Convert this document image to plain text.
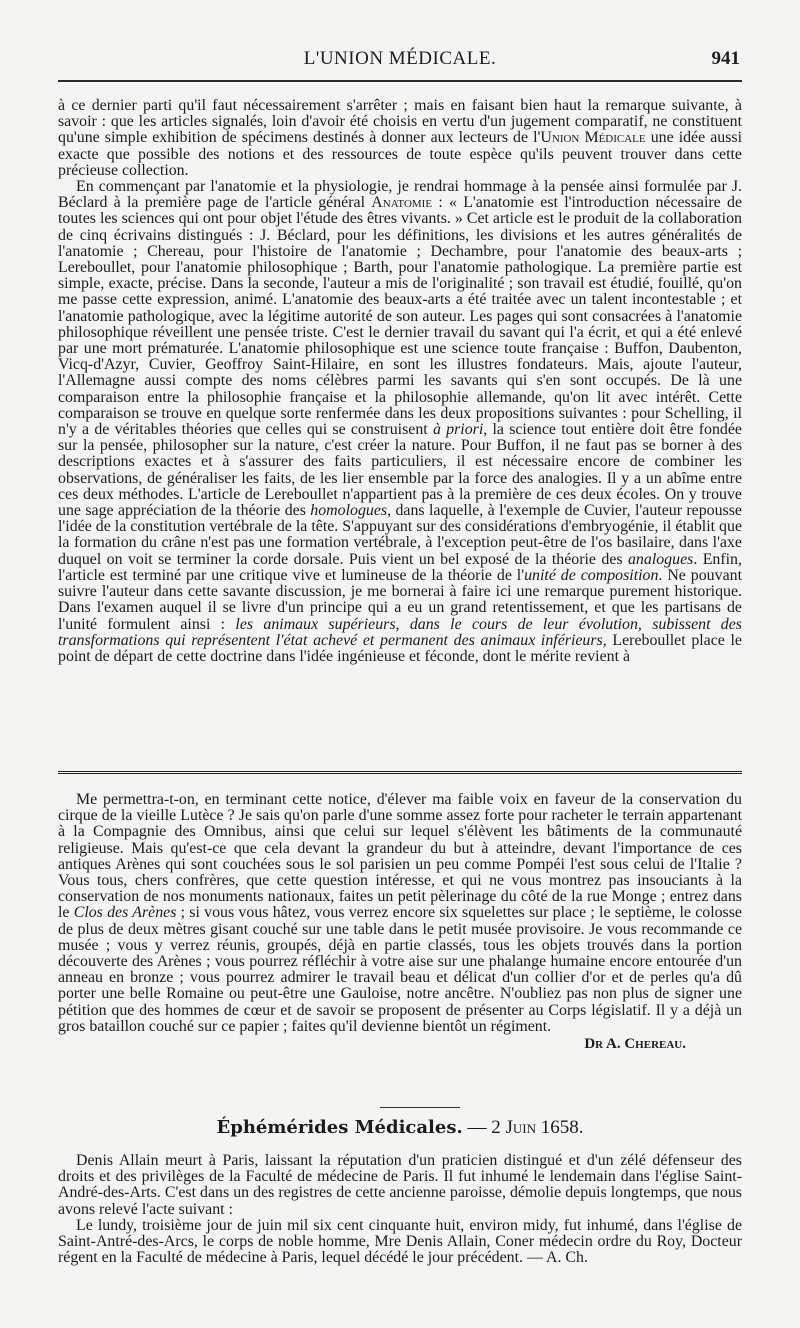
L'UNION MÉDICALE.	941

à ce dernier parti qu'il faut nécessairement s'arrêter ; mais en faisant bien haut la remarque suivante, à savoir : que les articles signalés, loin d'avoir été choisis en vertu d'un jugement comparatif, ne constituent qu'une simple exhibition de spécimens destinés à donner aux lecteurs de l'Union Médicale une idée aussi exacte que possible des notions et des ressources de toute espèce qu'ils peuvent trouver dans cette précieuse collection.

En commençant par l'anatomie et la physiologie, je rendrai hommage à la pensée ainsi formulée par J. Béclard à la première page de l'article général Anatomie : « L'anatomie est l'introduction nécessaire de toutes les sciences qui ont pour objet l'étude des êtres vivants. » Cet article est le produit de la collaboration de cinq écrivains distingués : J. Béclard, pour les définitions, les divisions et les autres généralités de l'anatomie ; Chereau, pour l'histoire de l'anatomie ; Dechambre, pour l'anatomie des beaux-arts ; Lereboullet, pour l'anatomie philosophique ; Barth, pour l'anatomie pathologique. La première partie est simple, exacte, précise. Dans la seconde, l'auteur a mis de l'originalité ; son travail est étudié, fouillé, qu'on me passe cette expression, animé. L'anatomie des beaux-arts a été traitée avec un talent incontestable ; et l'anatomie pathologique, avec la légitime autorité de son auteur. Les pages qui sont consacrées à l'anatomie philosophique réveillent une pensée triste. C'est le dernier travail du savant qui l'a écrit, et qui a été enlevé par une mort prématurée. L'anatomie philosophique est une science toute française : Buffon, Daubenton, Vicq-d'Azyr, Cuvier, Geoffroy Saint-Hilaire, en sont les illustres fondateurs. Mais, ajoute l'auteur, l'Allemagne aussi compte des noms célèbres parmi les savants qui s'en sont occupés. De là une comparaison entre la philosophie française et la philosophie allemande, qu'on lit avec intérêt. Cette comparaison se trouve en quelque sorte renfermée dans les deux propositions suivantes : pour Schelling, il n'y a de véritables théories que celles qui se construisent à priori, la science tout entière doit être fondée sur la pensée, philosopher sur la nature, c'est créer la nature. Pour Buffon, il ne faut pas se borner à des descriptions exactes et à s'assurer des faits particuliers, il est nécessaire encore de combiner les observations, de généraliser les faits, de les lier ensemble par la force des analogies. Il y a un abîme entre ces deux méthodes. L'article de Lereboullet n'appartient pas à la première de ces deux écoles. On y trouve une sage appréciation de la théorie des homologues, dans laquelle, à l'exemple de Cuvier, l'auteur repousse l'idée de la constitution vertébrale de la tête. S'appuyant sur des considérations d'embryogénie, il établit que la formation du crâne n'est pas une formation vertébrale, à l'exception peut-être de l'os basilaire, dans l'axe duquel on voit se terminer la corde dorsale. Puis vient un bel exposé de la théorie des analogues. Enfin, l'article est terminé par une critique vive et lumineuse de la théorie de l'unité de composition. Ne pouvant suivre l'auteur dans cette savante discussion, je me bornerai à faire ici une remarque purement historique. Dans l'examen auquel il se livre d'un principe qui a eu un grand retentissement, et que les partisans de l'unité formulent ainsi : les animaux supérieurs, dans le cours de leur évolution, subissent des transformations qui représentent l'état achevé et permanent des animaux inférieurs, Lereboullet place le point de départ de cette doctrine dans l'idée ingénieuse et féconde, dont le mérite revient à

Me permettra-t-on, en terminant cette notice, d'élever ma faible voix en faveur de la conservation du cirque de la vieille Lutèce ? Je sais qu'on parle d'une somme assez forte pour racheter le terrain appartenant à la Compagnie des Omnibus, ainsi que celui sur lequel s'élèvent les bâtiments de la communauté religieuse. Mais qu'est-ce que cela devant la grandeur du but à atteindre, devant l'importance de ces antiques Arènes qui sont couchées sous le sol parisien un peu comme Pompéi l'est sous celui de l'Italie ? Vous tous, chers confrères, que cette question intéresse, et qui ne vous montrez pas insouciants à la conservation de nos monuments nationaux, faites un petit pèlerinage du côté de la rue Monge ; entrez dans le Clos des Arènes ; si vous vous hâtez, vous verrez encore six squelettes sur place ; le septième, le colosse de plus de deux mètres gisant couché sur une table dans le petit musée provisoire. Je vous recommande ce musée ; vous y verrez réunis, groupés, déjà en partie classés, tous les objets trouvés dans la portion découverte des Arènes ; vous pourrez réfléchir à votre aise sur une phalange humaine encore entourée d'un anneau en bronze ; vous pourrez admirer le travail beau et délicat d'un collier d'or et de perles qu'a dû porter une belle Romaine ou peut-être une Gauloise, notre ancêtre. N'oubliez pas non plus de signer une pétition que des hommes de cœur et de savoir se proposent de présenter au Corps législatif. Il y a déjà un gros bataillon couché sur ce papier ; faites qu'il devienne bientôt un régiment.

Dr A. Chereau.
Éphémérides Médicales. — 2 Juin 1658.

Denis Allain meurt à Paris, laissant la réputation d'un praticien distingué et d'un zélé défenseur des droits et des privilèges de la Faculté de médecine de Paris. Il fut inhumé le lendemain dans l'église Saint-André-des-Arts. C'est dans un des registres de cette ancienne paroisse, démolie depuis longtemps, que nous avons relevé l'acte suivant :

Le lundy, troisième jour de juin mil six cent cinquante huit, environ midy, fut inhumé, dans l'église de Saint-Antré-des-Arcs, le corps de noble homme, Mre Denis Allain, Coner médecin ordre du Roy, Docteur régent en la Faculté de médecine à Paris, lequel décédé le jour précédent. — A. Ch.
